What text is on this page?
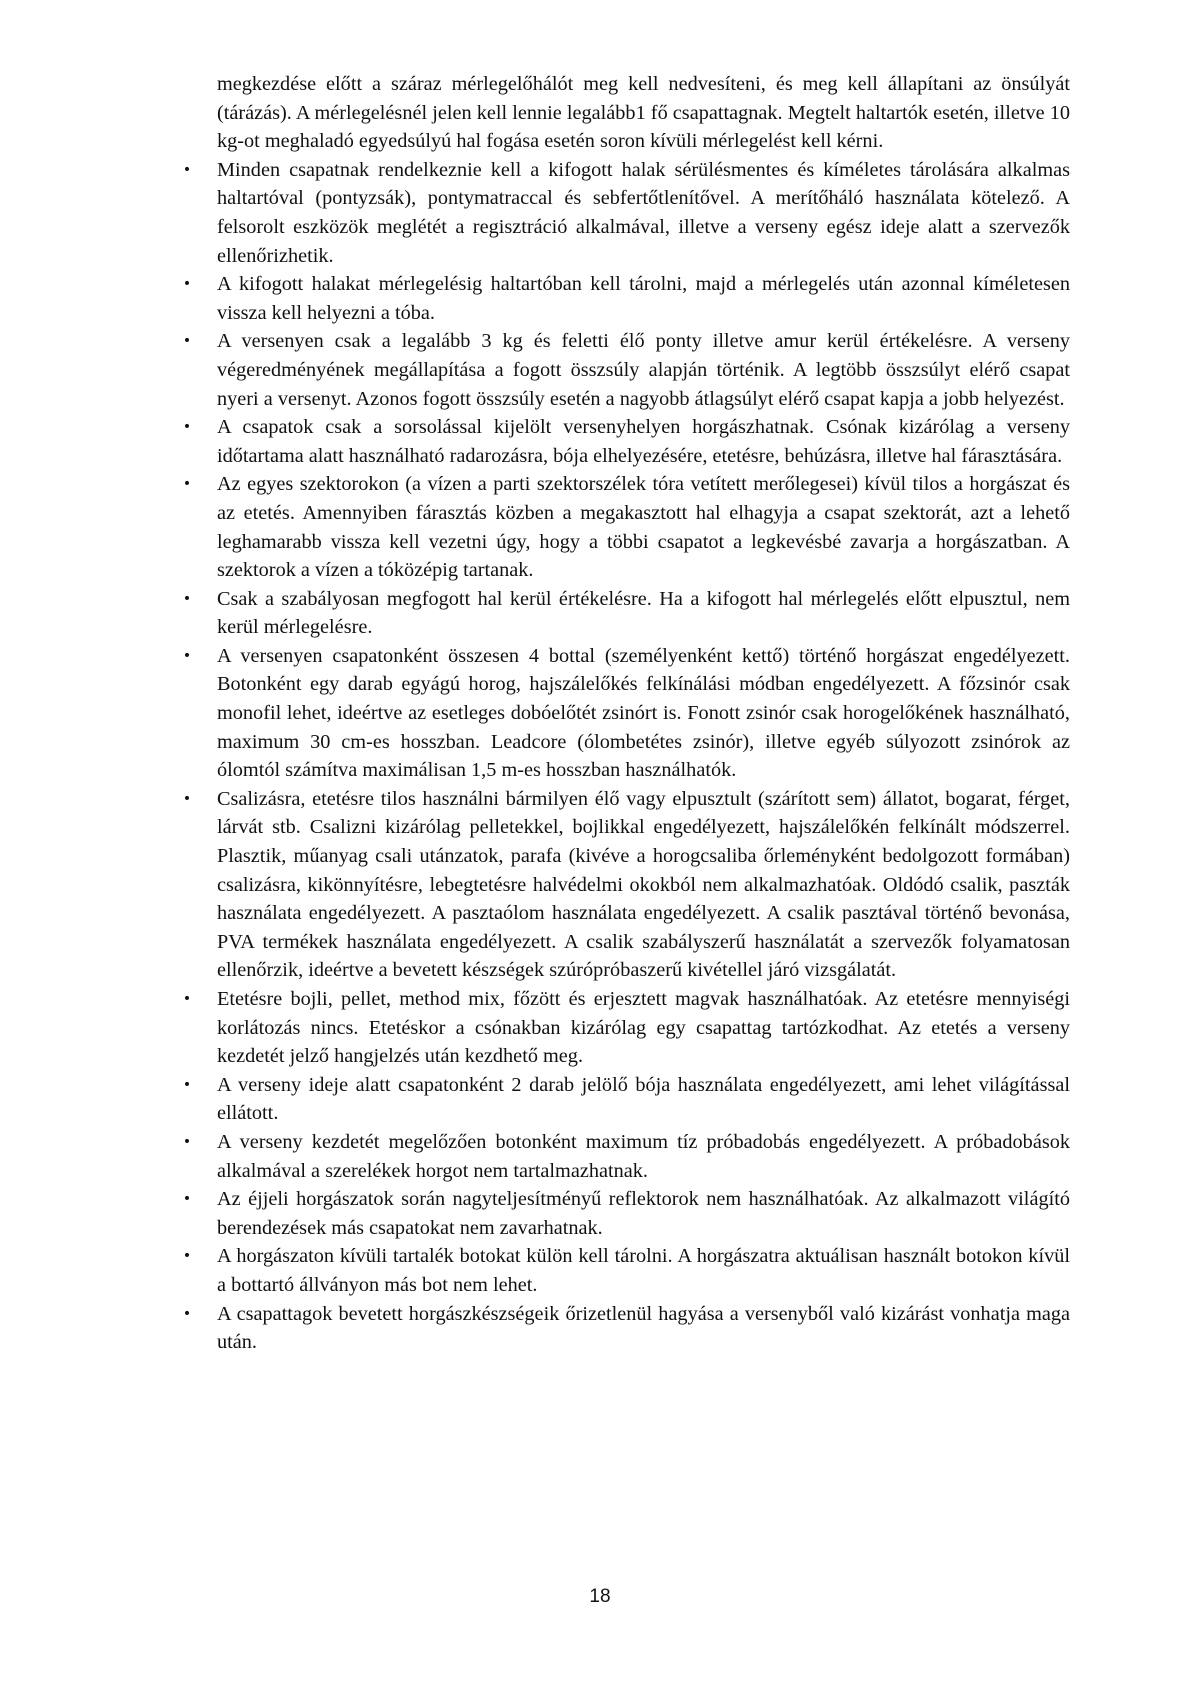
megkezdése előtt a száraz mérlegelőhálót meg kell nedvesíteni, és meg kell állapítani az önsúlyát (tárázás). A mérlegelésnél jelen kell lennie legalább1 fő csapattagnak. Megtelt haltartók esetén, illetve 10 kg-ot meghaladó egyedsúlyú hal fogása esetén soron kívüli mérlegelést kell kérni.

• Minden csapatnak rendelkeznie kell a kifogott halak sérülésmentes és kíméletes tárolására alkalmas haltartóval (pontyzsák), pontymatraccal és sebfertőtlenítővel. A merítőháló használata kötelező. A felsorolt eszközök meglétét a regisztráció alkalmával, illetve a verseny egész ideje alatt a szervezők ellenőrizhetik.
• A kifogott halakat mérlegelésig haltartóban kell tárolni, majd a mérlegelés után azonnal kíméletesen vissza kell helyezni a tóba.
• A versenyen csak a legalább 3 kg és feletti élő ponty illetve amur kerül értékelésre. A verseny végeredményének megállapítása a fogott összsúly alapján történik. A legtöbb összsúlyt elérő csapat nyeri a versenyt. Azonos fogott összsúly esetén a nagyobb átlagsúlyt elérő csapat kapja a jobb helyezést.
• A csapatok csak a sorsolással kijelölt versenyhelyen horgászhatnak. Csónak kizárólag a verseny időtartama alatt használható radarozásra, bója elhelyezésére, etetésre, behúzásra, illetve hal fárasztására.
• Az egyes szektorokon (a vízen a parti szektorszélek tóra vetített merőlegesei) kívül tilos a horgászat és az etetés. Amennyiben fárasztás közben a megakasztott hal elhagyja a csapat szektorát, azt a lehető leghamarabb vissza kell vezetni úgy, hogy a többi csapatot a legkevésbé zavarja a horgászatban. A szektorok a vízen a tóközépig tartanak.
• Csak a szabályosan megfogott hal kerül értékelésre. Ha a kifogott hal mérlegelés előtt elpusztul, nem kerül mérlegelésre.
• A versenyen csapatonként összesen 4 bottal (személyenként kettő) történő horgászat engedélyezett. Botonként egy darab egyágú horog, hajszálelőkés felkínálási módban engedélyezett. A főzsinór csak monofil lehet, ideértve az esetleges dobóelőtét zsinórt is. Fonott zsinór csak horogelőkének használható, maximum 30 cm-es hosszban. Leadcore (ólombetétes zsinór), illetve egyéb súlyozott zsinórok az ólomtól számítva maximálisan 1,5 m-es hosszban használhatók.
• Csalizásra, etetésre tilos használni bármilyen élő vagy elpusztult (szárított sem) állatot, bogarat, férget, lárvát stb. Csalizni kizárólag pelletekkel, bojlikkal engedélyezett, hajszálelőkén felkínált módszerrel. Plasztik, műanyag csali utánzatok, parafa (kivéve a horogcsaliba őrleményként bedolgozott formában) csalizásra, kikönnyítésre, lebegtetésre halvédelmi okokból nem alkalmazhatóak. Oldódó csalik, paszták használata engedélyezett. A pasztaólom használata engedélyezett. A csalik pasztával történő bevonása, PVA termékek használata engedélyezett. A csalik szabályszerű használatát a szervezők folyamatosan ellenőrzik, ideértve a bevetett készségek szúrópróbaszerű kivétellel járó vizsgálatát.
• Etetésre bojli, pellet, method mix, főzött és erjesztett magvak használhatóak. Az etetésre mennyiségi korlátozás nincs. Etetéskor a csónakban kizárólag egy csapattag tartózkodhat. Az etetés a verseny kezdetét jelző hangjelzés után kezdhető meg.
• A verseny ideje alatt csapatonként 2 darab jelölő bója használata engedélyezett, ami lehet világítással ellátott.
• A verseny kezdetét megelőzően botonként maximum tíz próbadobás engedélyezett. A próbadobások alkalmával a szerelékek horgot nem tartalmazhatnak.
• Az éjjeli horgászatok során nagyteljesítményű reflektorok nem használhatóak. Az alkalmazott világító berendezések más csapatokat nem zavarhatnak.
• A horgászaton kívüli tartalék botokat külön kell tárolni. A horgászatra aktuálisan használt botokon kívül a bottartó állványon más bot nem lehet.
• A csapattagok bevetett horgászkészségeik őrizetlenül hagyása a versenyből való kizárást vonhatja maga után.
18
